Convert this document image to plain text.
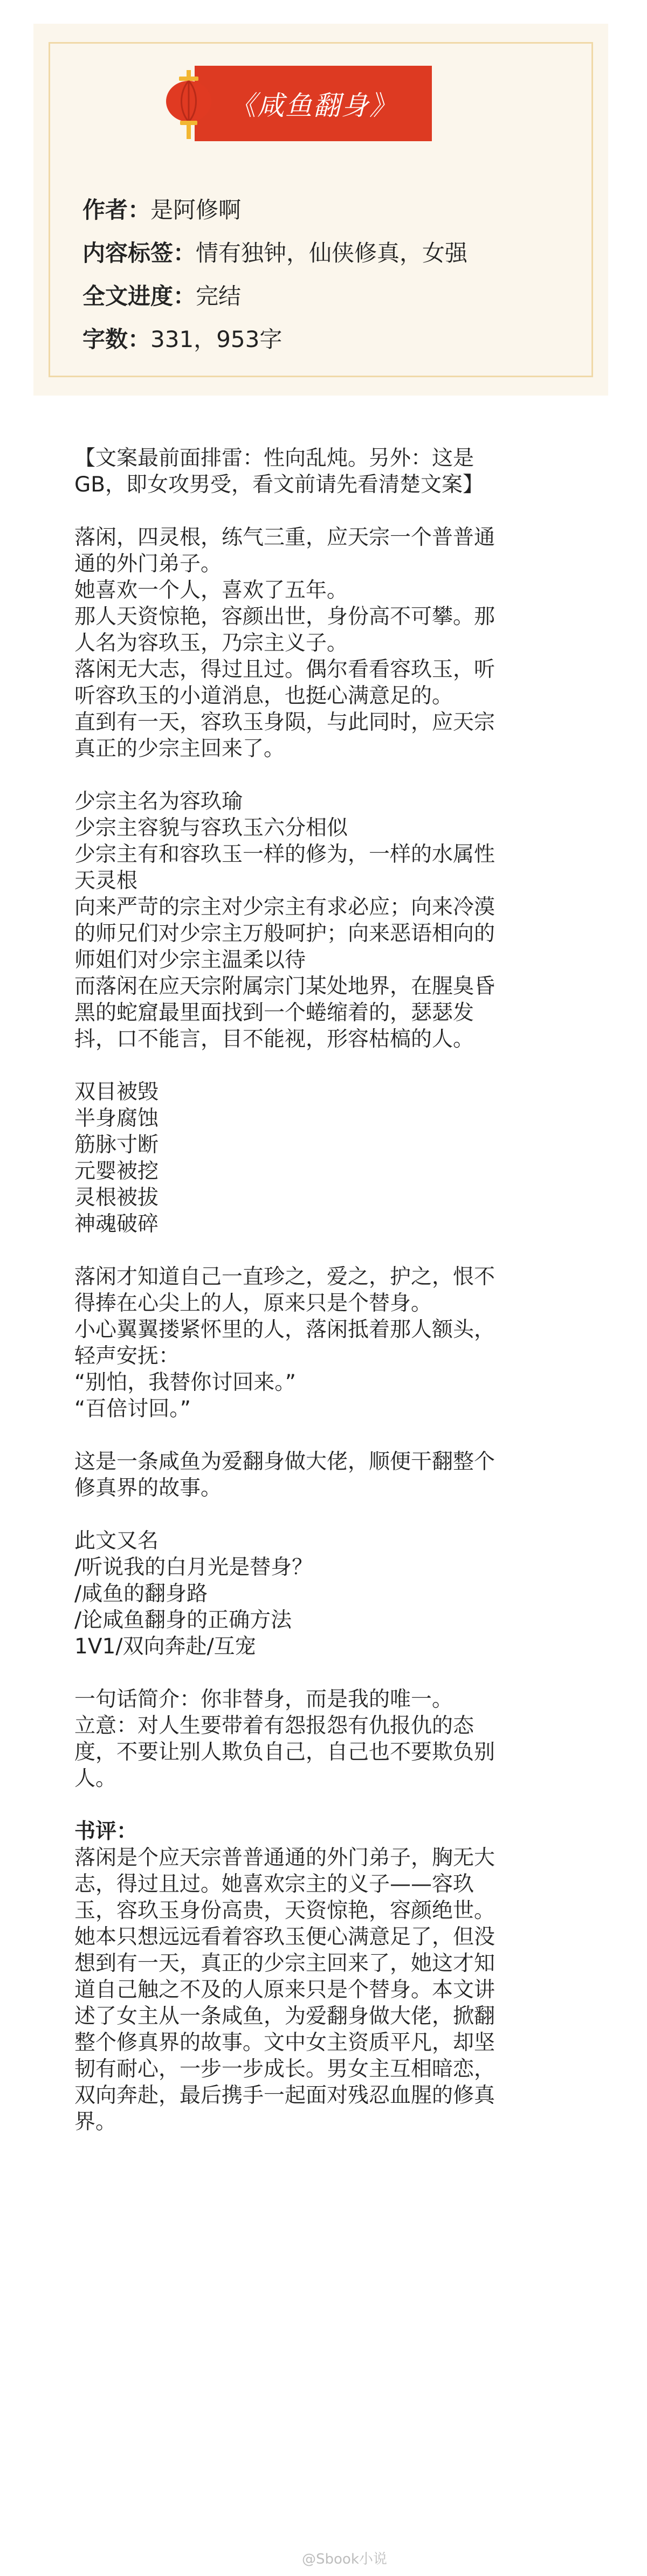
《咸鱼翻身》
作者：是阿修啊
内容标签：情有独钟，仙侠修真，女强
全文进度：完结
字数：331，953字
【文案最前面排雷：性向乱炖。另外：这是
GB，即女攻男受，看文前请先看清楚文案】
落闲，四灵根，练气三重，应天宗一个普普通
通的外门弟子。
她喜欢一个人，喜欢了五年。
那人天资惊艳，容颜出世，身份高不可攀。那
人名为容玖玉，乃宗主义子。
落闲无大志，得过且过。偶尔看看容玖玉，听
听容玖玉的小道消息，也挺心满意足的。
直到有一天，容玖玉身陨，与此同时，应天宗
真正的少宗主回来了。
少宗主名为容玖瑜
少宗主容貌与容玖玉六分相似
少宗主有和容玖玉一样的修为，一样的水属性
天灵根
向来严苛的宗主对少宗主有求必应；向来冷漠
的师兄们对少宗主万般呵护；向来恶语相向的
师姐们对少宗主温柔以待
而落闲在应天宗附属宗门某处地界，在腥臭昏
黑的蛇窟最里面找到一个蜷缩着的，瑟瑟发
抖，口不能言，目不能视，形容枯槁的人。
双目被毁
半身腐蚀
筋脉寸断
元婴被挖
灵根被拔
神魂破碎
落闲才知道自己一直珍之，爱之，护之，恨不
得捧在心尖上的人，原来只是个替身。
小心翼翼搂紧怀里的人，落闲抵着那人额头，
轻声安抚：
“别怕，我替你讨回来。”
“百倍讨回。”
这是一条咸鱼为爱翻身做大佬，顺便干翻整个
修真界的故事。
此文又名
/听说我的白月光是替身？
/咸鱼的翻身路
/论咸鱼翻身的正确方法
1V1/双向奔赴/互宠
一句话简介：你非替身，而是我的唯一。
立意：对人生要带着有怨报怨有仇报仇的态
度，不要让别人欺负自己，自己也不要欺负别
人。
书评：
落闲是个应天宗普普通通的外门弟子，胸无大
志，得过且过。她喜欢宗主的义子——容玖
玉，容玖玉身份高贵，天资惊艳，容颜绝世。
她本只想远远看着容玖玉便心满意足了，但没
想到有一天，真正的少宗主回来了，她这才知
道自己触之不及的人原来只是个替身。本文讲
述了女主从一条咸鱼，为爱翻身做大佬，掀翻
整个修真界的故事。文中女主资质平凡，却坚
韧有耐心，一步一步成长。男女主互相暗恋，
双向奔赴，最后携手一起面对残忍血腥的修真
界。
@Sbook小说
